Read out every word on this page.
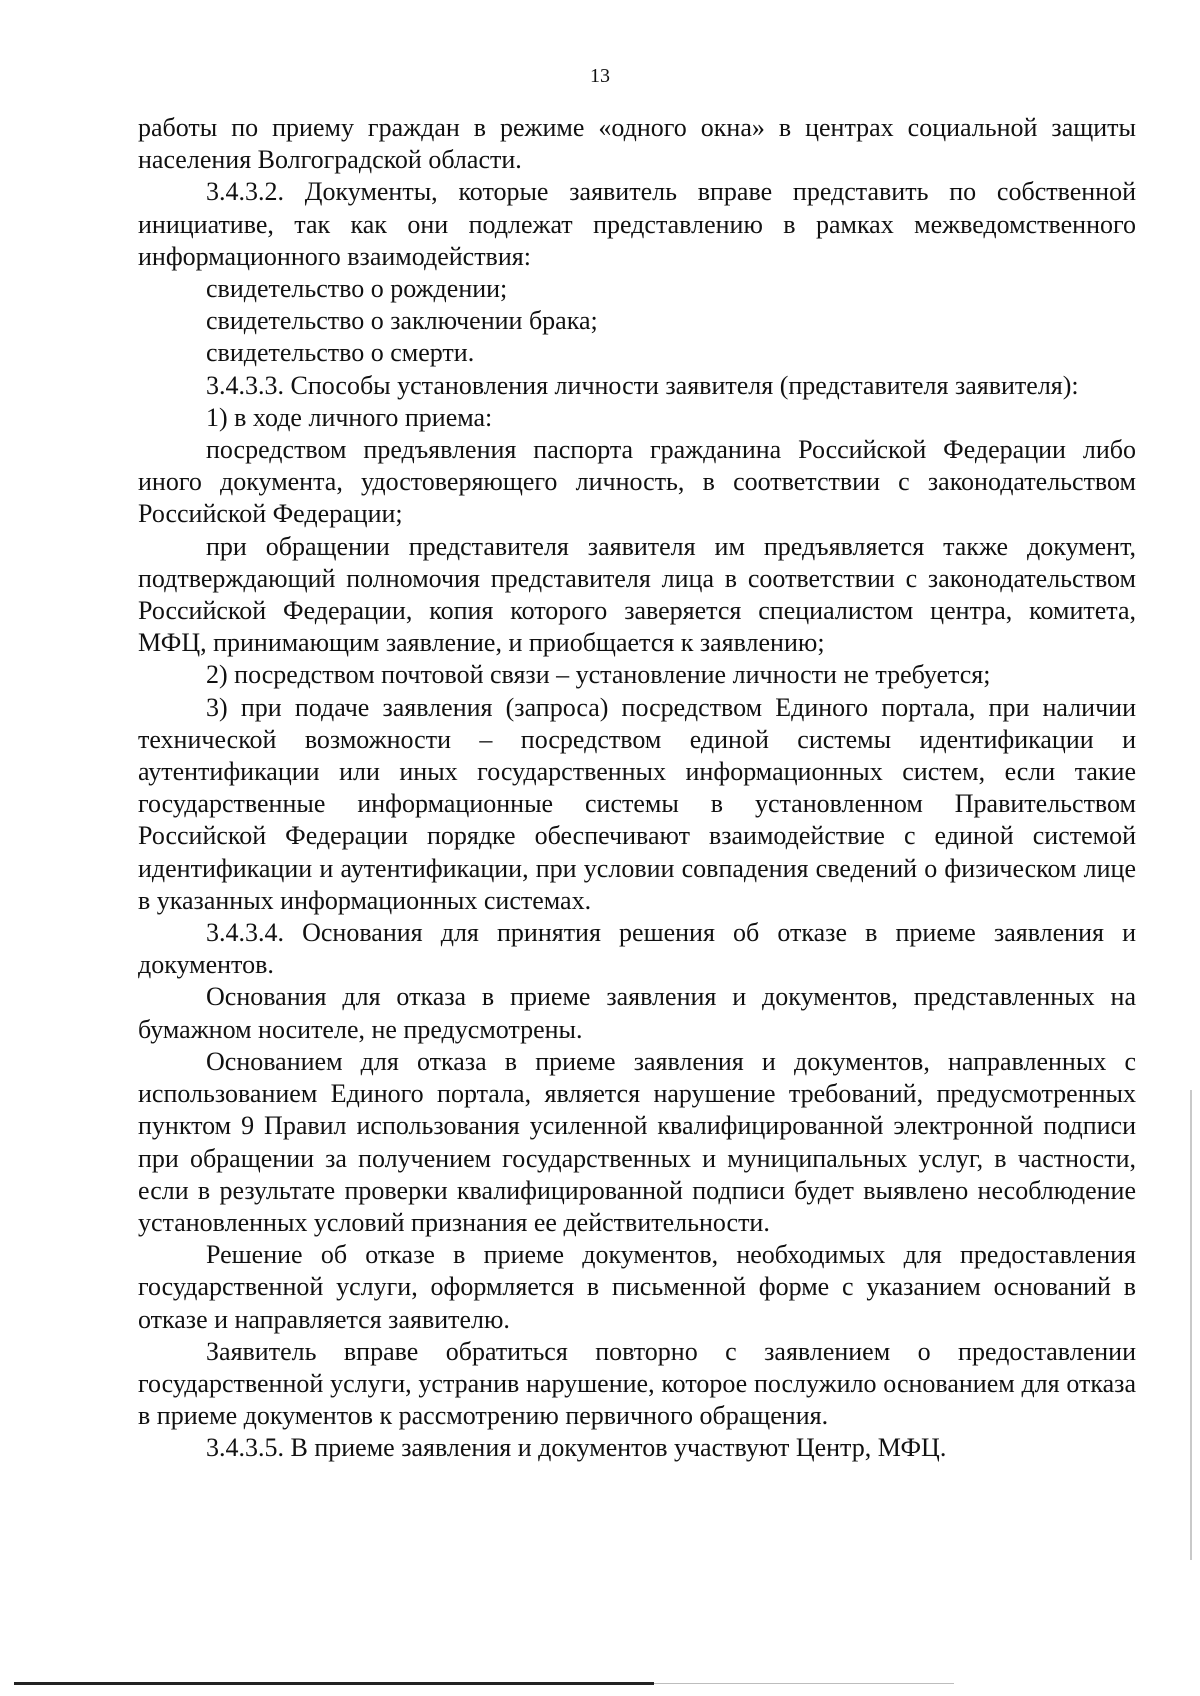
13

работы по приему граждан в режиме «одного окна» в центрах социальной защиты населения Волгоградской области.

3.4.3.2. Документы, которые заявитель вправе представить по собственной инициативе, так как они подлежат представлению в рамках межведомственного информационного взаимодействия:

свидетельство о рождении;

свидетельство о заключении брака;

свидетельство о смерти.

3.4.3.3. Способы установления личности заявителя (представителя заявителя):

1) в ходе личного приема:

посредством предъявления паспорта гражданина Российской Федерации либо иного документа, удостоверяющего личность, в соответствии с законодательством Российской Федерации;

при обращении представителя заявителя им предъявляется также документ, подтверждающий полномочия представителя лица в соответствии с законодательством Российской Федерации, копия которого заверяется специалистом центра, комитета, МФЦ, принимающим заявление, и приобщается к заявлению;

2) посредством почтовой связи – установление личности не требуется;

3) при подаче заявления (запроса) посредством Единого портала, при наличии технической возможности – посредством единой системы идентификации и аутентификации или иных государственных информационных систем, если такие государственные информационные системы в установленном Правительством Российской Федерации порядке обеспечивают взаимодействие с единой системой идентификации и аутентификации, при условии совпадения сведений о физическом лице в указанных информационных системах.

3.4.3.4. Основания для принятия решения об отказе в приеме заявления и документов.

Основания для отказа в приеме заявления и документов, представленных на бумажном носителе, не предусмотрены.

Основанием для отказа в приеме заявления и документов, направленных с использованием Единого портала, является нарушение требований, предусмотренных пунктом 9 Правил использования усиленной квалифицированной электронной подписи при обращении за получением государственных и муниципальных услуг, в частности, если в результате проверки квалифицированной подписи будет выявлено несоблюдение установленных условий признания ее действительности.

Решение об отказе в приеме документов, необходимых для предоставления государственной услуги, оформляется в письменной форме с указанием оснований в отказе и направляется заявителю.

Заявитель вправе обратиться повторно с заявлением о предоставлении государственной услуги, устранив нарушение, которое послужило основанием для отказа в приеме документов к рассмотрению первичного обращения.

3.4.3.5. В приеме заявления и документов участвуют Центр, МФЦ.
